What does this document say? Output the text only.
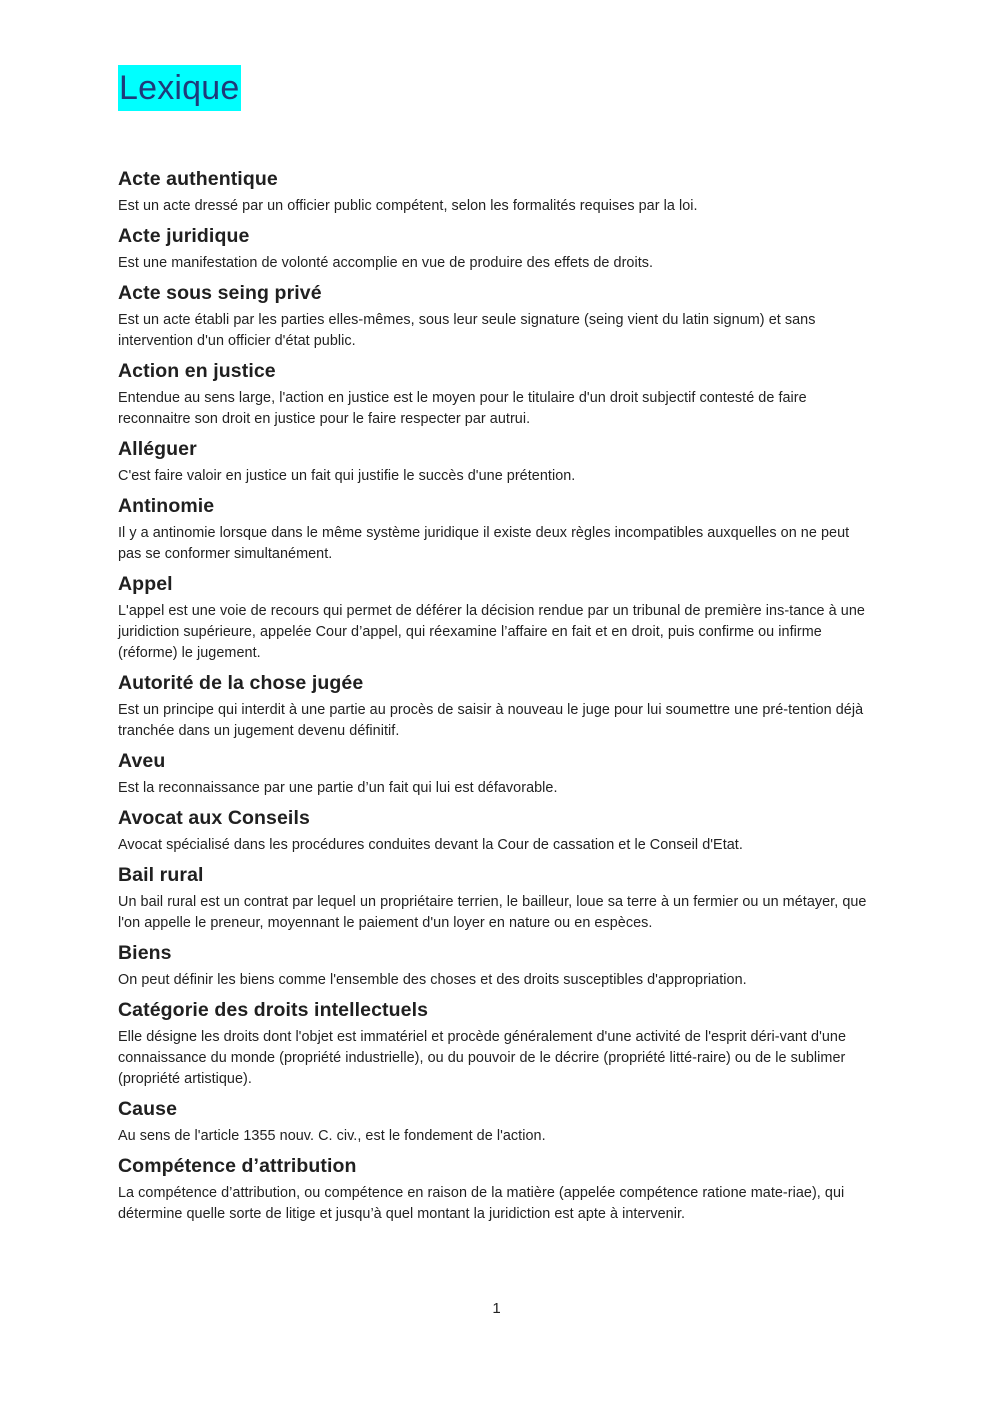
Lexique
Acte authentique

Est un acte dressé par un officier public compétent, selon les formalités requises par la loi.

Acte juridique

Est une manifestation de volonté accomplie en vue de produire des effets de droits.

Acte sous seing privé

Est un acte établi par les parties elles-mêmes, sous leur seule signature (seing vient du latin signum) et sans intervention d'un officier d'état public.

Action en justice

Entendue au sens large, l'action en justice est le moyen pour le titulaire d'un droit subjectif contesté de faire reconnaitre son droit en justice pour le faire respecter par autrui.

Alléguer

C'est faire valoir en justice un fait qui justifie le succès d'une prétention.

Antinomie

Il y a antinomie lorsque dans le même système juridique il existe deux règles incompatibles auxquelles on ne peut pas se conformer simultanément.

Appel

L'appel est une voie de recours qui permet de déférer la décision rendue par un tribunal de première ins-tance à une juridiction supérieure, appelée Cour d’appel, qui réexamine l’affaire en fait et en droit, puis confirme ou infirme (réforme) le jugement.

Autorité de la chose jugée

Est un principe qui interdit à une partie au procès de saisir à nouveau le juge pour lui soumettre une pré-tention déjà tranchée dans un jugement devenu définitif.

Aveu

Est la reconnaissance par une partie d’un fait qui lui est défavorable.

Avocat aux Conseils

Avocat spécialisé dans les procédures conduites devant la Cour de cassation et le Conseil d'Etat.

Bail rural

Un bail rural est un contrat par lequel un propriétaire terrien, le bailleur, loue sa terre à un fermier ou un métayer, que l'on appelle le preneur, moyennant le paiement d'un loyer en nature ou en espèces.

Biens

On peut définir les biens comme l'ensemble des choses et des droits susceptibles d'appropriation.

Catégorie des droits intellectuels

Elle désigne les droits dont l'objet est immatériel et procède généralement d'une activité de l'esprit déri-vant d'une connaissance du monde (propriété industrielle), ou du pouvoir de le décrire (propriété litté-raire) ou de le sublimer (propriété artistique).

Cause

Au sens de l'article 1355 nouv. C. civ., est le fondement de l'action.

Compétence d’attribution

La compétence d’attribution, ou compétence en raison de la matière (appelée compétence ratione mate-riae), qui détermine quelle sorte de litige et jusqu’à quel montant la juridiction est apte à intervenir.

1
